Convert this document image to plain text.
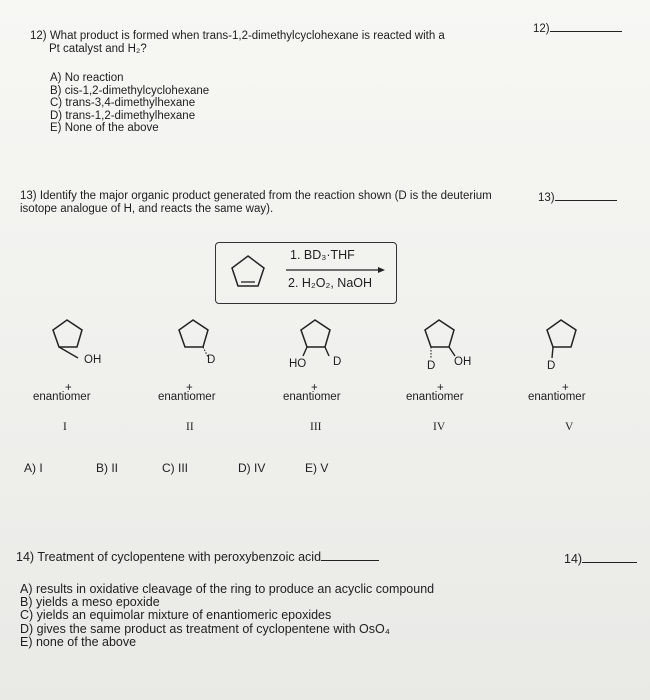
12)
12) What product is formed when trans-1,2-dimethylcyclohexane is reacted with a
Pt catalyst and H₂?
A) No reaction
B) cis-1,2-dimethylcyclohexane
C) trans-3,4-dimethylhexane
D) trans-1,2-dimethylhexane
E) None of the above
13) Identify the major organic product generated from the reaction shown (D is the deuterium	13)
isotope analogue of H, and reacts the same way).
1. BD₃·THF
2. H₂O₂, NaOH
OH
+
enantiomer
I
D
+
enantiomer
II
HO D
+
enantiomer
III
D OH
+
enantiomer
IV
D
+
enantiomer
V
A) I	B) II	C) III	D) IV	E) V
14) Treatment of cyclopentene with peroxybenzoic acid	14)
A) results in oxidative cleavage of the ring to produce an acyclic compound
B) yields a meso epoxide
C) yields an equimolar mixture of enantiomeric epoxides
D) gives the same product as treatment of cyclopentene with OsO₄
E) none of the above
